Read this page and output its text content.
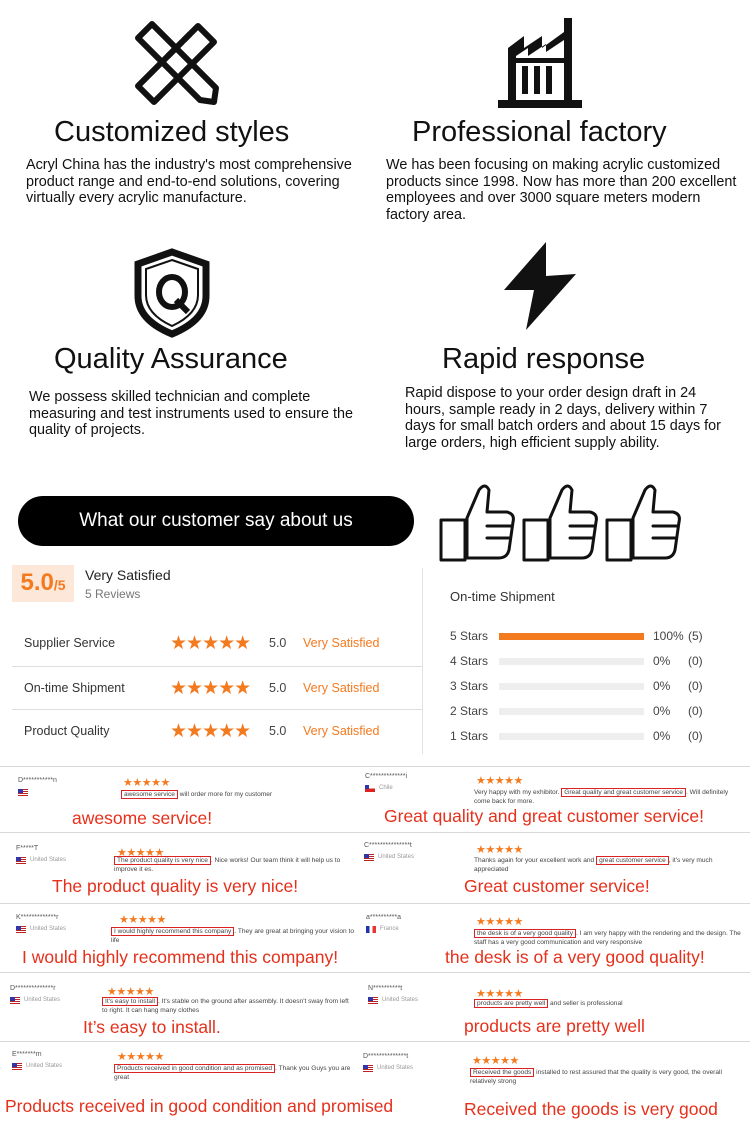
Customized styles

Acryl China has the industry's most comprehensive product range and end-to-end solutions, covering virtually every acrylic manufacture.

Professional factory

We has been focusing on making acrylic customized products since 1998. Now has more than 200 excellent employees and over 3000 square meters modern factory area.

Quality Assurance

We possess skilled technician and complete measuring and test instruments used to ensure the quality of projects.

Rapid response

Rapid dispose to your order design draft in 24 hours, sample ready in 2 days, delivery within 7 days for small batch orders and about 15 days for large orders, high efficient supply ability.

What our customer say about us
5.0 /5
Very Satisfied
5 Reviews
Supplier Service	★★★★★ 5.0 Very Satisfied
On-time Shipment ★★★★★ 5.0 Very Satisfied
Product Quality	★★★★★ 5.0 Very Satisfied
On-time Shipment
5 Stars	100% (5)
4 Stars	0% (0)
3 Stars	0% (0)
2 Stars	0% (0)
1 Stars	0% (0)
D***********n	★★★★★
awesome service will order more for my customer
awesome service!
C*************i
Chile
★★★★★
Very happy with my exhibitor. Great quality and great customer service . Will definitely come back for more.
Great quality and great customer service!
F*****T
United States
★★★★★
The product quality is very nice . Nice works! Our team think it will help us to improve it es.
The product quality is very nice!
C***************t
United States
★★★★★
Thanks again for your excellent work and great customer service , it's very much appreciated
Great customer service!
K*************r
United States
★★★★★
I would highly recommend this company . They are great at bringing your vision to life
I would highly recommend this company!
a**********a
France
★★★★★
the desk is of a very good quality . I am very happy with the rendering and the design. The staff has a very good communication and very responsive
the desk is of a very good quality!
D**************r
United States
★★★★★
It's easy to install . It's stable on the ground after assembly. It doesn't sway from left to right. It can hang many clothes
It’s easy to install.
N**********t
United States	★★★★★
products are pretty well and seller is professional
products are pretty well
E*******m
United States
★★★★★
Products received in good condition and as promised . Thank you Guys you are great
Products received in good condition and promised
D**************t
United States
★★★★★
Received the goods installed to rest assured that the quality is very good, the overall relatively strong
Received the goods is very good
